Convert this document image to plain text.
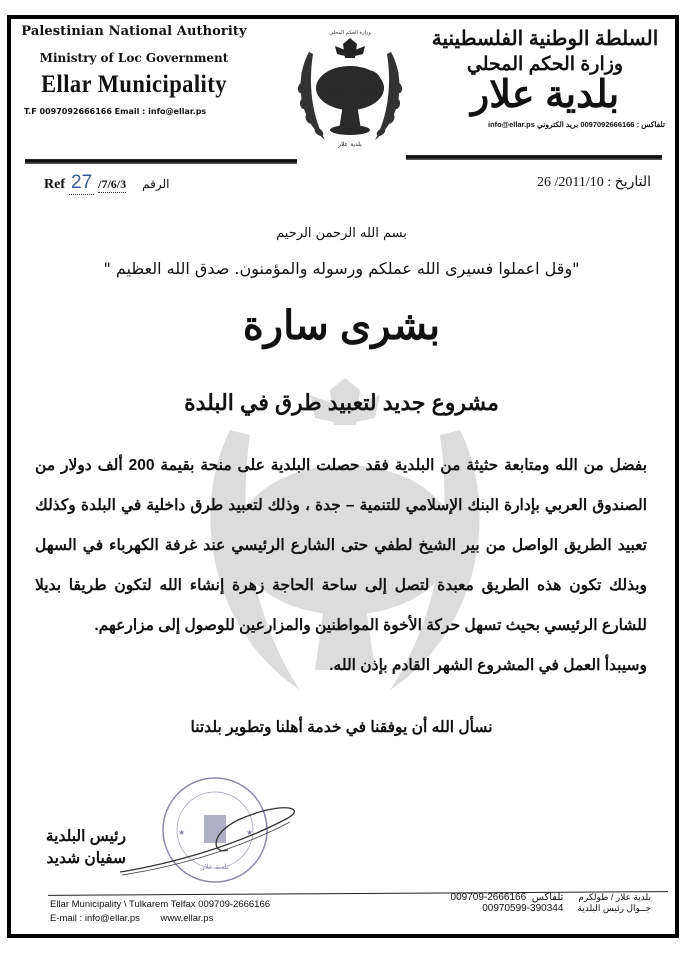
Palestinian National Authority
Ministry of Loc Government
Ellar Municipality
T.F 0097092666166 Email : info@ellar.ps
السلطة الوطنية الفلسطينية
وزارة الحكم المحلي
بلدية علار
تلفاكس : 0097092666166 بريد الكتروني info@ellar.ps
وزارة الحكم المحلي
بلدية علار
Ref 27 /7/6/3 الرقم	التاريخ : 2011/10/ 26
بسم الله الرحمن الرحيم
"وقل اعملوا فسيرى الله عملكم ورسوله والمؤمنون. صدق الله العظيم "
بشرى سارة
مشروع جديد لتعبيد طرق في البلدة
بفضل من الله ومتابعة حثيثة من البلدية فقد حصلت البلدية على منحة بقيمة 200 ألف دولار من الصندوق العربي بإدارة البنك الإسلامي للتنمية – جدة ، وذلك لتعبيد طرق داخلية في البلدة وكذلك تعبيد الطريق الواصل من بير الشيخ لطفي حتى الشارع الرئيسي عند غرفة الكهرباء في السهل وبذلك تكون هذه الطريق معبدة لتصل إلى ساحة الحاجة زهرة إنشاء الله لتكون طريقا بديلا للشارع الرئيسي بحيث تسهل حركة الأخوة المواطنين والمزارعين للوصول إلى مزارعهم.
وسيبدأ العمل في المشروع الشهر القادم بإذن الله.
نسأل الله أن يوفقنا في خدمة أهلنا وتطوير بلدتنا
★	★
بلدية علار
رئيس البلدية
سفيان شديد
Ellar Municipality \ Tulkarem Telfax 009709-2666166
E-mail : info@ellar.ps www.ellar.ps
009709-2666166 تلفاكس
00970599-390344
بلدية علار / طولكرم
جــوال رئيس البلدية
